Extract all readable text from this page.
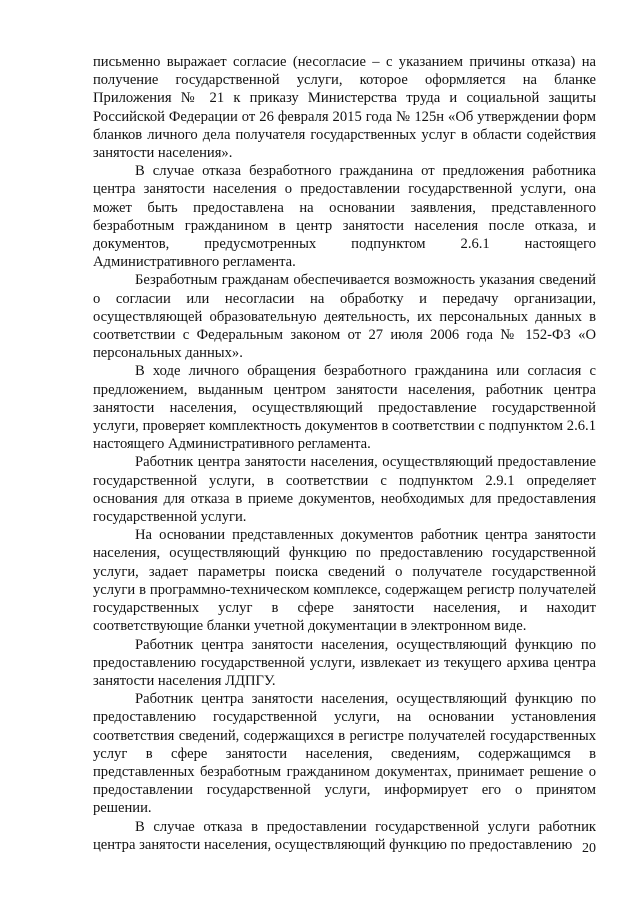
письменно выражает согласие (несогласие – с указанием причины отказа) на получение государственной услуги, которое оформляется на бланке Приложения № 21 к приказу Министерства труда и социальной защиты Российской Федерации от 26 февраля 2015 года № 125н «Об утверждении форм бланков личного дела получателя государственных услуг в области содействия занятости населения».

В случае отказа безработного гражданина от предложения работника центра занятости населения о предоставлении государственной услуги, она может быть предоставлена на основании заявления, представленного безработным гражданином в центр занятости населения после отказа, и документов, предусмотренных подпунктом 2.6.1 настоящего Административного регламента.

Безработным гражданам обеспечивается возможность указания сведений о согласии или несогласии на обработку и передачу организации, осуществляющей образовательную деятельность, их персональных данных в соответствии с Федеральным законом от 27 июля 2006 года № 152-ФЗ «О персональных данных».

В ходе личного обращения безработного гражданина или согласия с предложением, выданным центром занятости населения, работник центра занятости населения, осуществляющий предоставление государственной услуги, проверяет комплектность документов в соответствии с подпунктом 2.6.1 настоящего Административного регламента.

Работник центра занятости населения, осуществляющий предоставление государственной услуги, в соответствии с подпунктом 2.9.1 определяет основания для отказа в приеме документов, необходимых для предоставления государственной услуги.

На основании представленных документов работник центра занятости населения, осуществляющий функцию по предоставлению государственной услуги, задает параметры поиска сведений о получателе государственной услуги в программно-техническом комплексе, содержащем регистр получателей государственных услуг в сфере занятости населения, и находит соответствующие бланки учетной документации в электронном виде.

Работник центра занятости населения, осуществляющий функцию по предоставлению государственной услуги, извлекает из текущего архива центра занятости населения ЛДПГУ.

Работник центра занятости населения, осуществляющий функцию по предоставлению государственной услуги, на основании установления соответствия сведений, содержащихся в регистре получателей государственных услуг в сфере занятости населения, сведениям, содержащимся в представленных безработным гражданином документах, принимает решение о предоставлении государственной услуги, информирует его о принятом решении.

В случае отказа в предоставлении государственной услуги работник центра занятости населения, осуществляющий функцию по предоставлению 20
